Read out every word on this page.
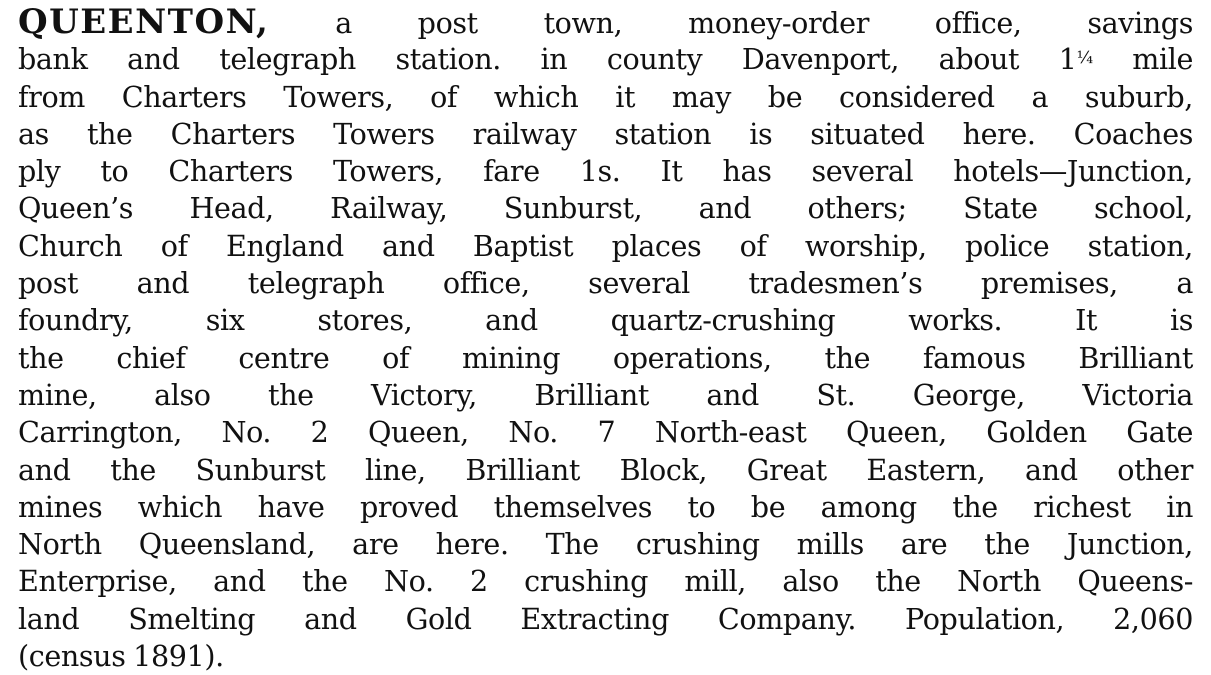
QUEENTON, a post town, money-order office, savings
bank and telegraph station. in county Davenport, about 1¼ mile
from Charters Towers, of which it may be considered a suburb,
as the Charters Towers railway station is situated here. Coaches
ply to Charters Towers, fare 1s. It has several hotels—Junction,
Queen’s Head, Railway, Sunburst, and others; State school,
Church of England and Baptist places of worship, police station,
post and telegraph office, several tradesmen’s premises, a
foundry, six stores, and quartz-crushing works. It is
the chief centre of mining operations, the famous Brilliant
mine, also the Victory, Brilliant and St. George, Victoria
Carrington, No. 2 Queen, No. 7 North-east Queen, Golden Gate
and the Sunburst line, Brilliant Block, Great Eastern, and other
mines which have proved themselves to be among the richest in
North Queensland, are here. The crushing mills are the Junction,
Enterprise, and the No. 2 crushing mill, also the North Queens-
land Smelting and Gold Extracting Company. Population, 2,060
(census 1891).
